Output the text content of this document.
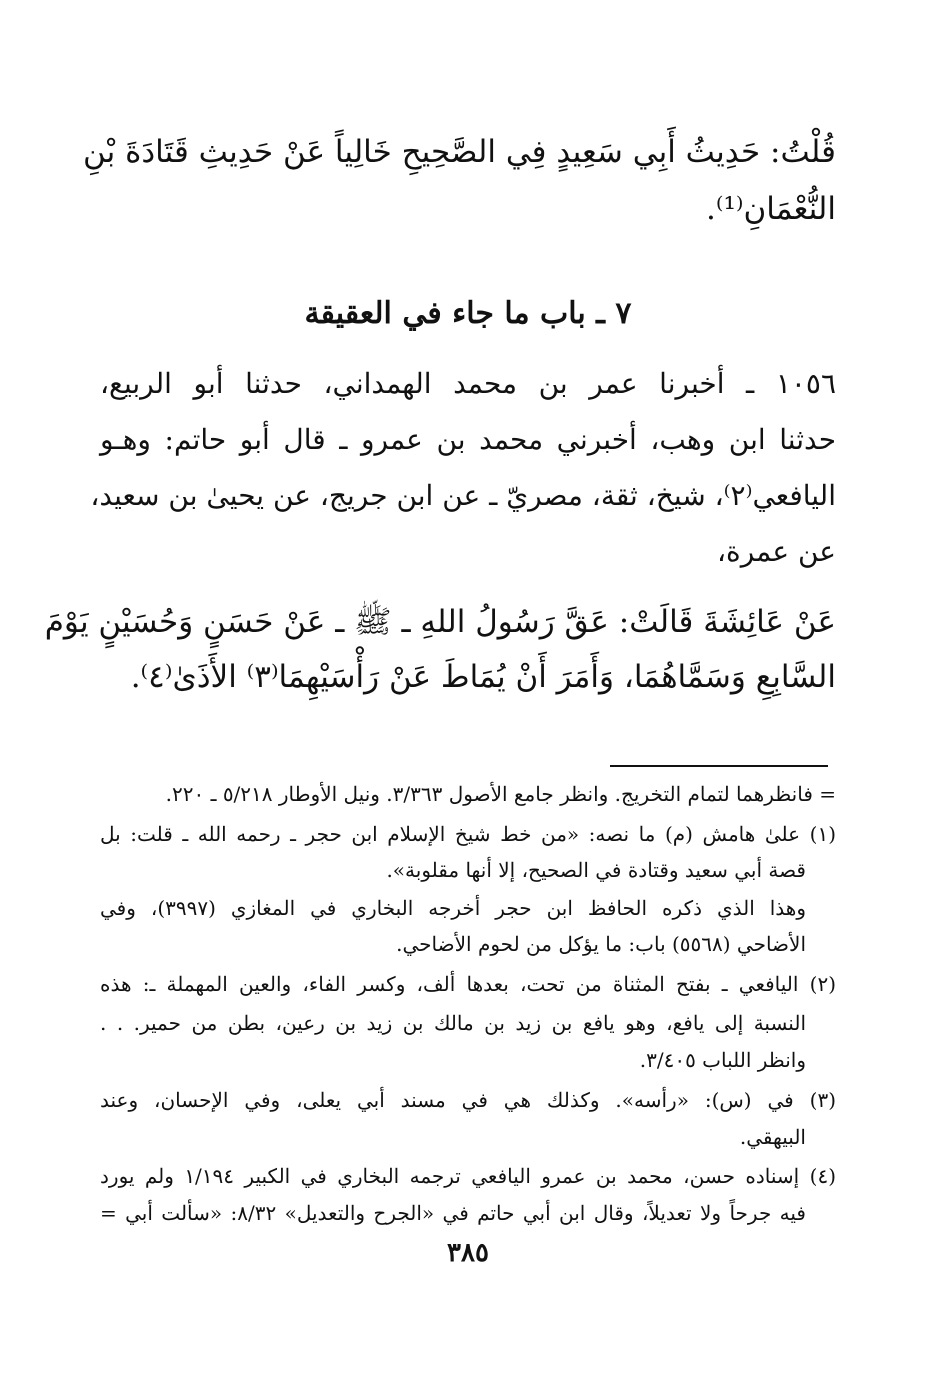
قُلْتُ: حَدِيثُ أَبِي سَعِيدٍ فِي الصَّحِيحِ خَالِياً عَنْ حَدِيثِ قَتَادَةَ بْنِ
النُّعْمَانِ⁽¹⁾.
٧ ـ باب ما جاء في العقيقة
١٠٥٦ ـ أخبرنا عمر بن محمد الهمداني، حدثنا أبو الربيع،
حدثنا ابن وهب، أخبرني محمد بن عمرو ـ قال أبو حاتم: وهـو
اليافعي⁽٢⁾، شيخ، ثقة، مصريّ ـ عن ابن جريج، عن يحيىٰ بن سعيد،
عن عمرة،
عَنْ عَائِشَةَ قَالَتْ: عَقَّ رَسُولُ اللهِ ـ ﷺ ـ عَنْ حَسَنٍ وَحُسَيْنٍ يَوْمَ
السَّابِعِ وَسَمَّاهُمَا، وَأَمَرَ أَنْ يُمَاطَ عَنْ رَأْسَيْهِمَا⁽٣⁾ الأَذَىٰ⁽٤⁾.
= فانظرهما لتمام التخريج. وانظر جامع الأصول ٣/٣٦٣. ونيل الأوطار ٥/٢١٨ ـ ٢٢٠.
(١) علىٰ هامش (م) ما نصه: «من خط شيخ الإسلام ابن حجر ـ رحمه الله ـ قلت: بل
قصة أبي سعيد وقتادة في الصحيح، إلا أنها مقلوبة».
وهذا الذي ذكره الحافظ ابن حجر أخرجه البخاري في المغازي (٣٩٩٧)، وفي
الأضاحي (٥٥٦٨) باب: ما يؤكل من لحوم الأضاحي.
(٢) اليافعي ـ بفتح المثناة من تحت، بعدها ألف، وكسر الفاء، والعين المهملة ـ: هذه
النسبة إلى يافع، وهو يافع بن زيد بن مالك بن زيد بن رعين، بطن من حمير. . .
وانظر اللباب ٣/٤٠٥.
(٣) في (س): «رأسه». وكذلك هي في مسند أبي يعلى، وفي الإحسان، وعند
البيهقي.
(٤) إسناده حسن، محمد بن عمرو اليافعي ترجمه البخاري في الكبير ١/١٩٤ ولم يورد
فيه جرحاً ولا تعديلاً، وقال ابن أبي حاتم في «الجرح والتعديل» ٨/٣٢: «سألت أبي =
٣٨٥
